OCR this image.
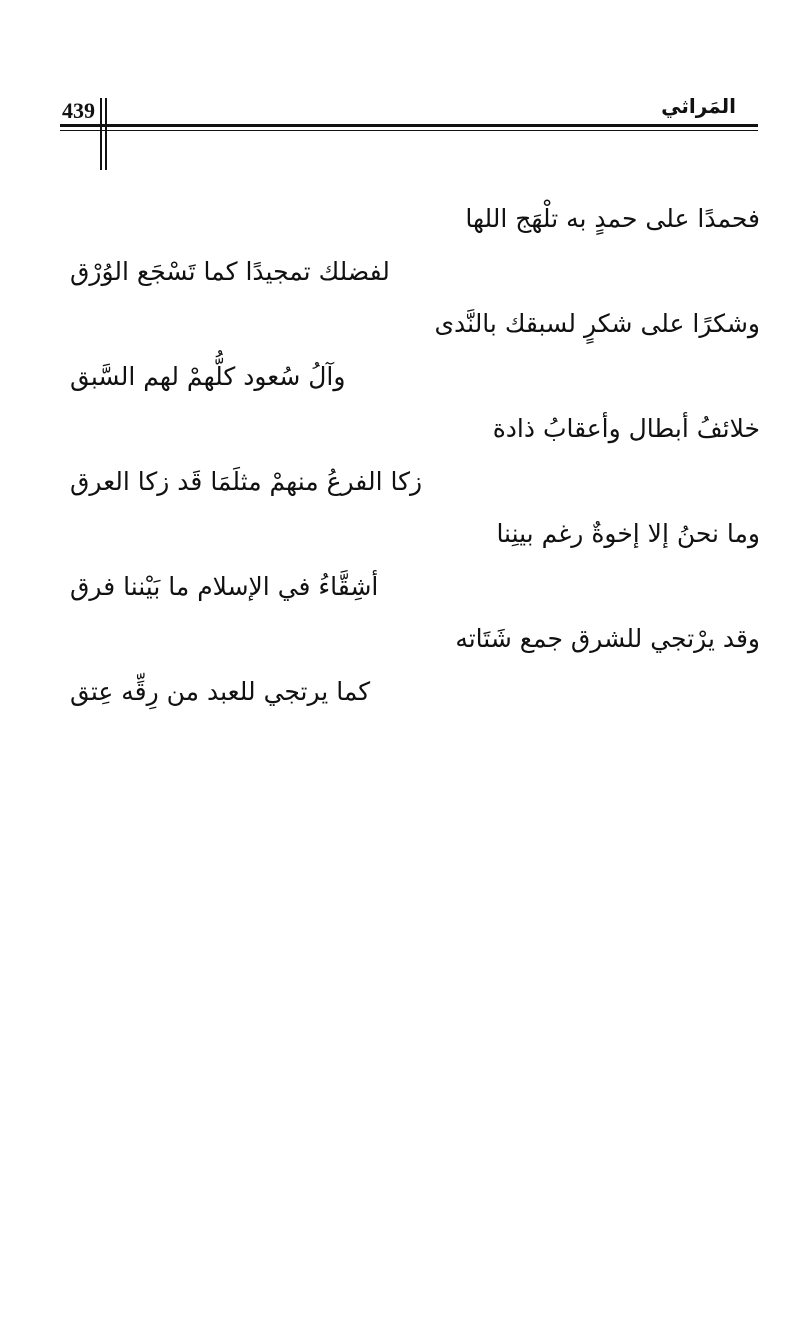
439	المَراثي
فحمدًا على حمدٍ به تلْهَج اللها
لفضلك تمجيدًا كما تَسْجَع الوُرْق
وشكرًا على شكرٍ لسبقك بالنَّدى
وآلُ سُعود كلُّهمْ لهم السَّبق
خلائفُ أبطال وأعقابُ ذادة
زكا الفرعُ منهمْ مثلَمَا قَد زكا العرق
وما نحنُ إلا إخوةٌ رغم بينِنا
أشِقَّاءُ في الإسلام ما بَيْننا فرق
وقد يرْتجي للشرق جمع شَتَاته
كما يرتجي للعبد من رِقِّه عِتق
